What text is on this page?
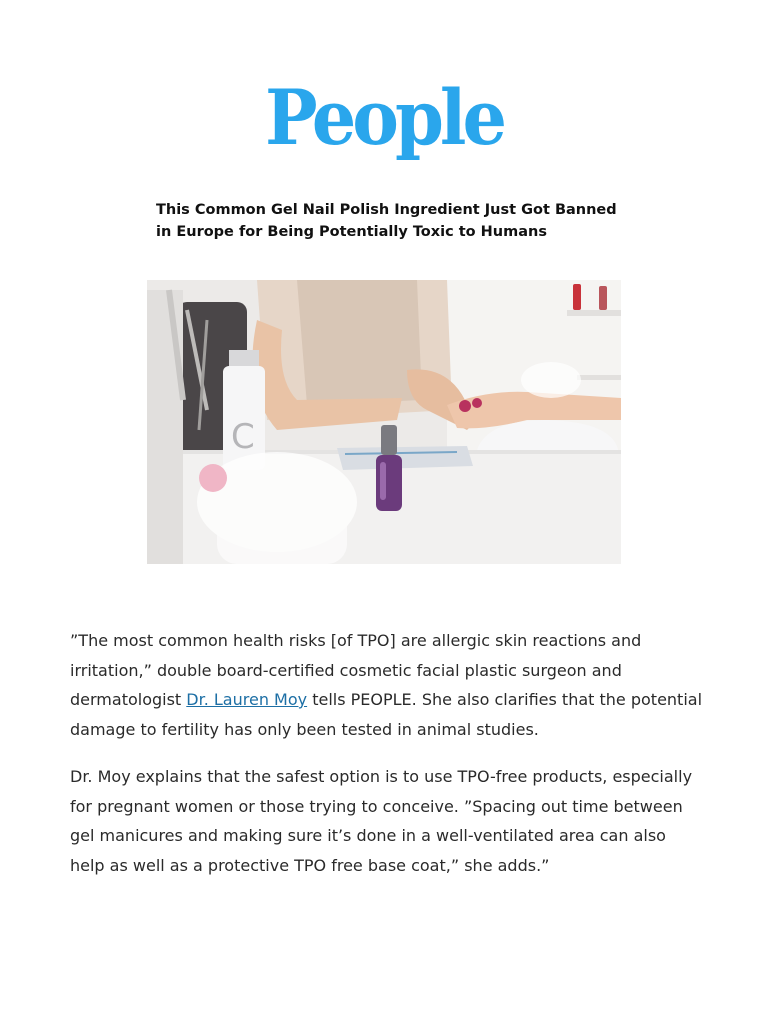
People
This Common Gel Nail Polish Ingredient Just Got Banned
in Europe for Being Potentially Toxic to Humans
C

”The most common health risks [of TPO] are allergic skin reactions and irritation,” double board-certified cosmetic facial plastic surgeon and dermatologist Dr. Lauren Moy tells PEOPLE. She also clarifies that the potential damage to fertility has only been tested in animal studies.

Dr. Moy explains that the safest option is to use TPO-free products, especially for pregnant women or those trying to conceive. ”Spacing out time between gel manicures and making sure it’s done in a well-ventilated area can also help as well as a protective TPO free base coat,” she adds.”
